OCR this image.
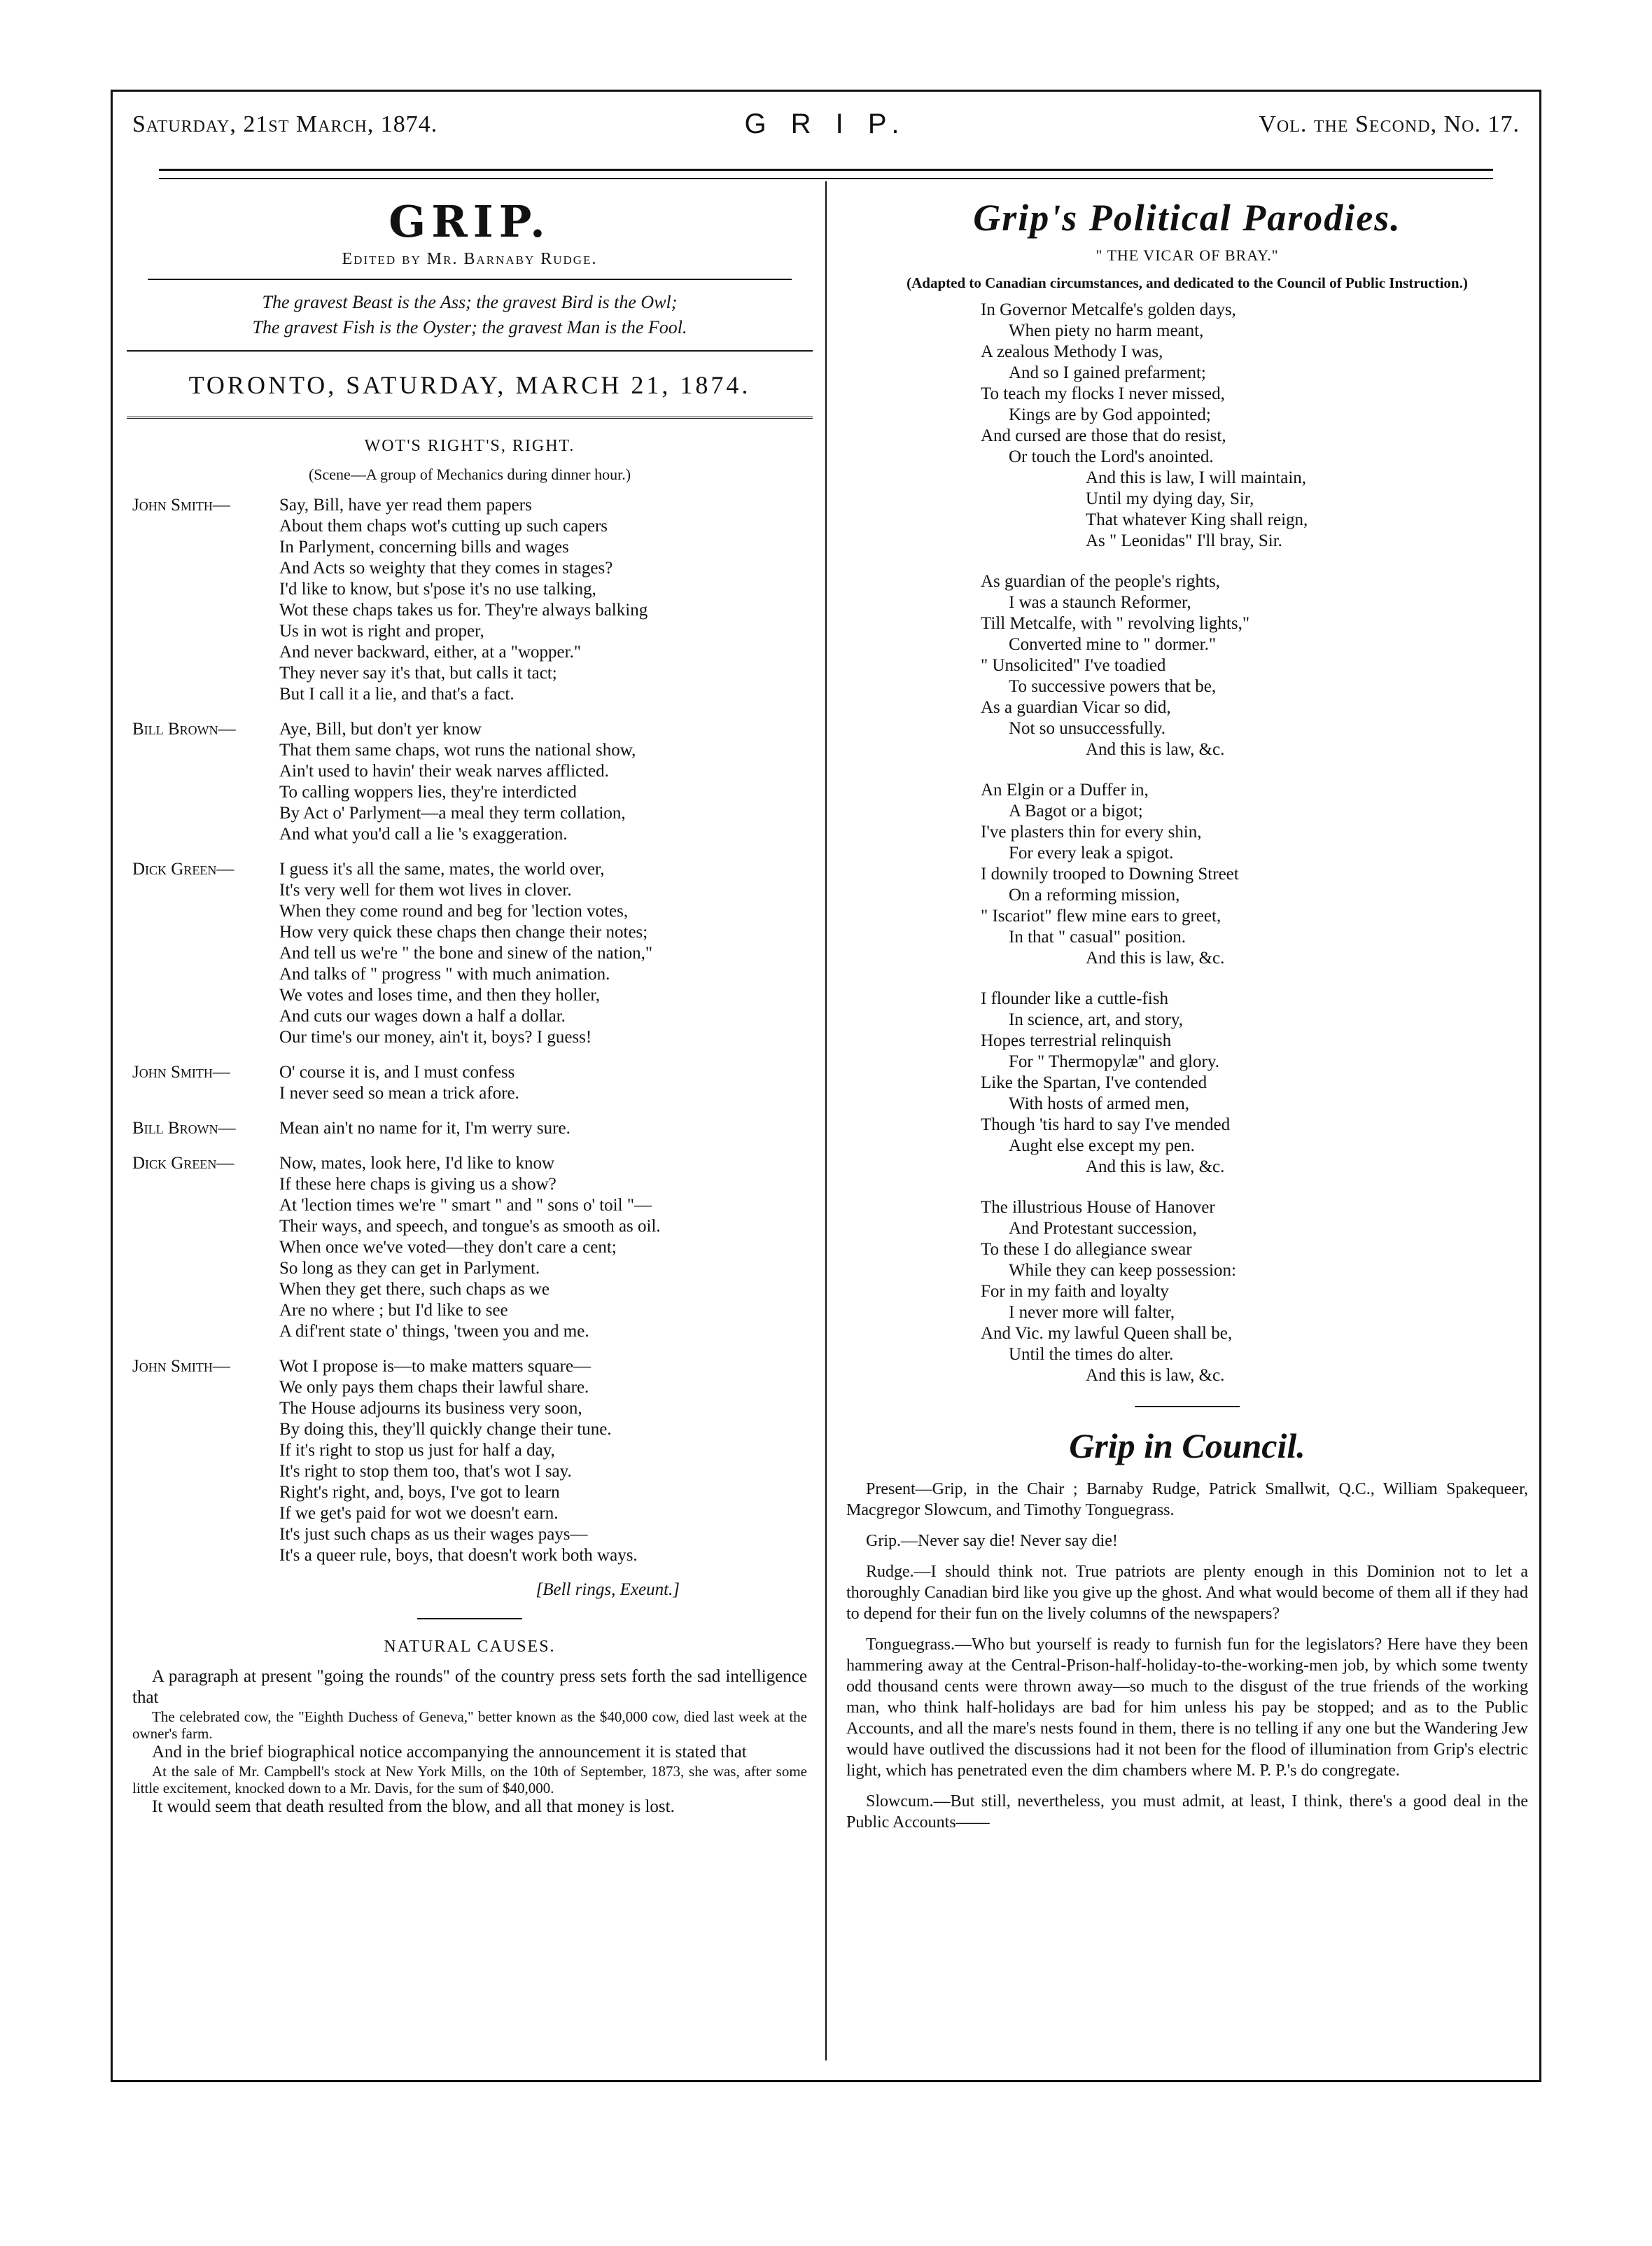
Saturday, 21st March, 1874.	G R I P.	Vol. the Second, No. 17.
GRIP.
Edited by Mr. Barnaby Rudge.
The gravest Beast is the Ass; the gravest Bird is the Owl;
The gravest Fish is the Oyster; the gravest Man is the Fool.
TORONTO, SATURDAY, MARCH 21, 1874.
WOT'S RIGHT'S, RIGHT.
(Scene—A group of Mechanics during dinner hour.)
John Smith—	Say, Bill, have yer read them papers
About them chaps wot's cutting up such capers
In Parlyment, concerning bills and wages
And Acts so weighty that they comes in stages?
I'd like to know, but s'pose it's no use talking,
Wot these chaps takes us for. They're always balking
Us in wot is right and proper,
And never backward, either, at a "wopper."
They never say it's that, but calls it tact;
But I call it a lie, and that's a fact.
Bill Brown—	Aye, Bill, but don't yer know
That them same chaps, wot runs the national show,
Ain't used to havin' their weak narves afflicted.
To calling woppers lies, they're interdicted
By Act o' Parlyment—a meal they term collation,
And what you'd call a lie 's exaggeration.
Dick Green—	I guess it's all the same, mates, the world over,
It's very well for them wot lives in clover.
When they come round and beg for 'lection votes,
How very quick these chaps then change their notes;
And tell us we're " the bone and sinew of the nation,"
And talks of " progress " with much animation.
We votes and loses time, and then they holler,
And cuts our wages down a half a dollar.
Our time's our money, ain't it, boys? I guess!
John Smith—	O' course it is, and I must confess
I never seed so mean a trick afore.
Bill Brown—	Mean ain't no name for it, I'm werry sure.
Dick Green—	Now, mates, look here, I'd like to know
If these here chaps is giving us a show?
At 'lection times we're " smart " and " sons o' toil "—
Their ways, and speech, and tongue's as smooth as oil.
When once we've voted—they don't care a cent;
So long as they can get in Parlyment.
When they get there, such chaps as we
Are no where ; but I'd like to see
A dif'rent state o' things, 'tween you and me.
John Smith—	Wot I propose is—to make matters square—
We only pays them chaps their lawful share.
The House adjourns its business very soon,
By doing this, they'll quickly change their tune.
If it's right to stop us just for half a day,
It's right to stop them too, that's wot I say.
Right's right, and, boys, I've got to learn
If we get's paid for wot we doesn't earn.
It's just such chaps as us their wages pays—
It's a queer rule, boys, that doesn't work both ways.
[Bell rings, Exeunt.]
NATURAL CAUSES.
A paragraph at present "going the rounds" of the country press sets forth the sad intelligence that
The celebrated cow, the "Eighth Duchess of Geneva," better known as the $40,000 cow, died last week at the owner's farm.
And in the brief biographical notice accompanying the announcement it is stated that
At the sale of Mr. Campbell's stock at New York Mills, on the 10th of September, 1873, she was, after some little excitement, knocked down to a Mr. Davis, for the sum of $40,000.
It would seem that death resulted from the blow, and all that money is lost.
Grip's Political Parodies.
" THE VICAR OF BRAY."
(Adapted to Canadian circumstances, and dedicated to the Council of Public Instruction.)
In Governor Metcalfe's golden days,
When piety no harm meant,
A zealous Methody I was,
And so I gained prefarment;
To teach my flocks I never missed,
Kings are by God appointed;
And cursed are those that do resist,
Or touch the Lord's anointed.
And this is law, I will maintain,
Until my dying day, Sir,
That whatever King shall reign,
As " Leonidas" I'll bray, Sir.
As guardian of the people's rights,
I was a staunch Reformer,
Till Metcalfe, with " revolving lights,"
Converted mine to " dormer."
" Unsolicited" I've toadied
To successive powers that be,
As a guardian Vicar so did,
Not so unsuccessfully.
And this is law, &c.
An Elgin or a Duffer in,
A Bagot or a bigot;
I've plasters thin for every shin,
For every leak a spigot.
I downily trooped to Downing Street
On a reforming mission,
" Iscariot" flew mine ears to greet,
In that " casual" position.
And this is law, &c.
I flounder like a cuttle-fish
In science, art, and story,
Hopes terrestrial relinquish
For " Thermopylæ" and glory.
Like the Spartan, I've contended
With hosts of armed men,
Though 'tis hard to say I've mended
Aught else except my pen.
And this is law, &c.
The illustrious House of Hanover
And Protestant succession,
To these I do allegiance swear
While they can keep possession:
For in my faith and loyalty
I never more will falter,
And Vic. my lawful Queen shall be,
Until the times do alter.
And this is law, &c.
Grip in Council.
Present—Grip, in the Chair ; Barnaby Rudge, Patrick Smallwit, Q.C., William Spakequeer, Macgregor Slowcum, and Timothy Tonguegrass.
Grip.—Never say die! Never say die!
Rudge.—I should think not. True patriots are plenty enough in this Dominion not to let a thoroughly Canadian bird like you give up the ghost. And what would become of them all if they had to depend for their fun on the lively columns of the newspapers?
Tonguegrass.—Who but yourself is ready to furnish fun for the legislators? Here have they been hammering away at the Central-Prison-half-holiday-to-the-working-men job, by which some twenty odd thousand cents were thrown away—so much to the disgust of the true friends of the working man, who think half-holidays are bad for him unless his pay be stopped; and as to the Public Accounts, and all the mare's nests found in them, there is no telling if any one but the Wandering Jew would have outlived the discussions had it not been for the flood of illumination from Grip's electric light, which has penetrated even the dim chambers where M. P. P.'s do congregate.
Slowcum.—But still, nevertheless, you must admit, at least, I think, there's a good deal in the Public Accounts——
